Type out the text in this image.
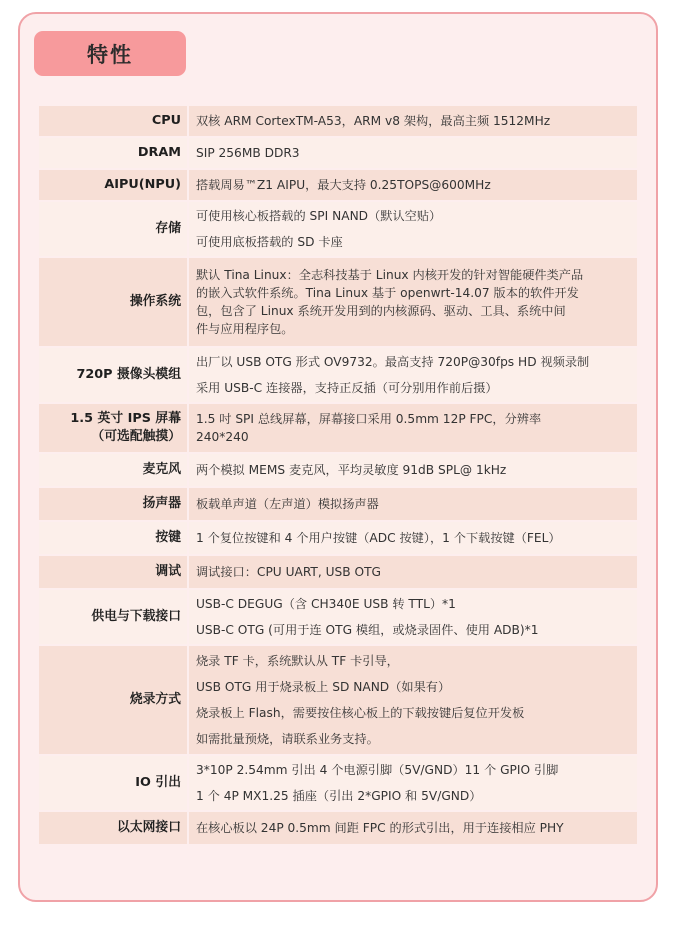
特性
CPU	双核 ARM CortexTM-A53，ARM v8 架构，最高主频 1512MHz

DRAM	SIP 256MB DDR3

AIPU(NPU)	搭载周易™Z1 AIPU，最大支持 0.25TOPS@600MHz

存储	可使用核心板搭载的 SPI NAND（默认空贴）
可使用底板搭载的 SD 卡座

操作系统	默认 Tina Linux：全志科技基于 Linux 内核开发的针对智能硬件类产品
的嵌入式软件系统。Tina Linux 基于 openwrt-14.07 版本的软件开发
包，包含了 Linux 系统开发用到的内核源码、驱动、工具、系统中间
件与应用程序包。

720P 摄像头模组	出厂以 USB OTG 形式 OV9732。最高支持 720P@30fps HD 视频录制
采用 USB-C 连接器，支持正反插（可分别用作前后摄）

1.5 英寸 IPS 屏幕
（可选配触摸）	1.5 吋 SPI 总线屏幕，屏幕接口采用 0.5mm 12P FPC，分辨率
240*240

麦克风	两个模拟 MEMS 麦克风，平均灵敏度 91dB SPL@ 1kHz

扬声器	板载单声道（左声道）模拟扬声器

按键	1 个复位按键和 4 个用户按键（ADC 按键），1 个下载按键（FEL）

调试	调试接口：CPU UART, USB OTG

供电与下载接口	USB-C DEGUG（含 CH340E USB 转 TTL）*1
USB-C OTG (可用于连 OTG 模组，或烧录固件、使用 ADB)*1

烧录方式	烧录 TF 卡，系统默认从 TF 卡引导，
USB OTG 用于烧录板上 SD NAND（如果有）
烧录板上 Flash，需要按住核心板上的下载按键后复位开发板
如需批量预烧，请联系业务支持。

IO 引出	3*10P 2.54mm 引出 4 个电源引脚（5V/GND）11 个 GPIO 引脚
1 个 4P MX1.25 插座（引出 2*GPIO 和 5V/GND）

以太网接口	在核心板以 24P 0.5mm 间距 FPC 的形式引出，用于连接相应 PHY
